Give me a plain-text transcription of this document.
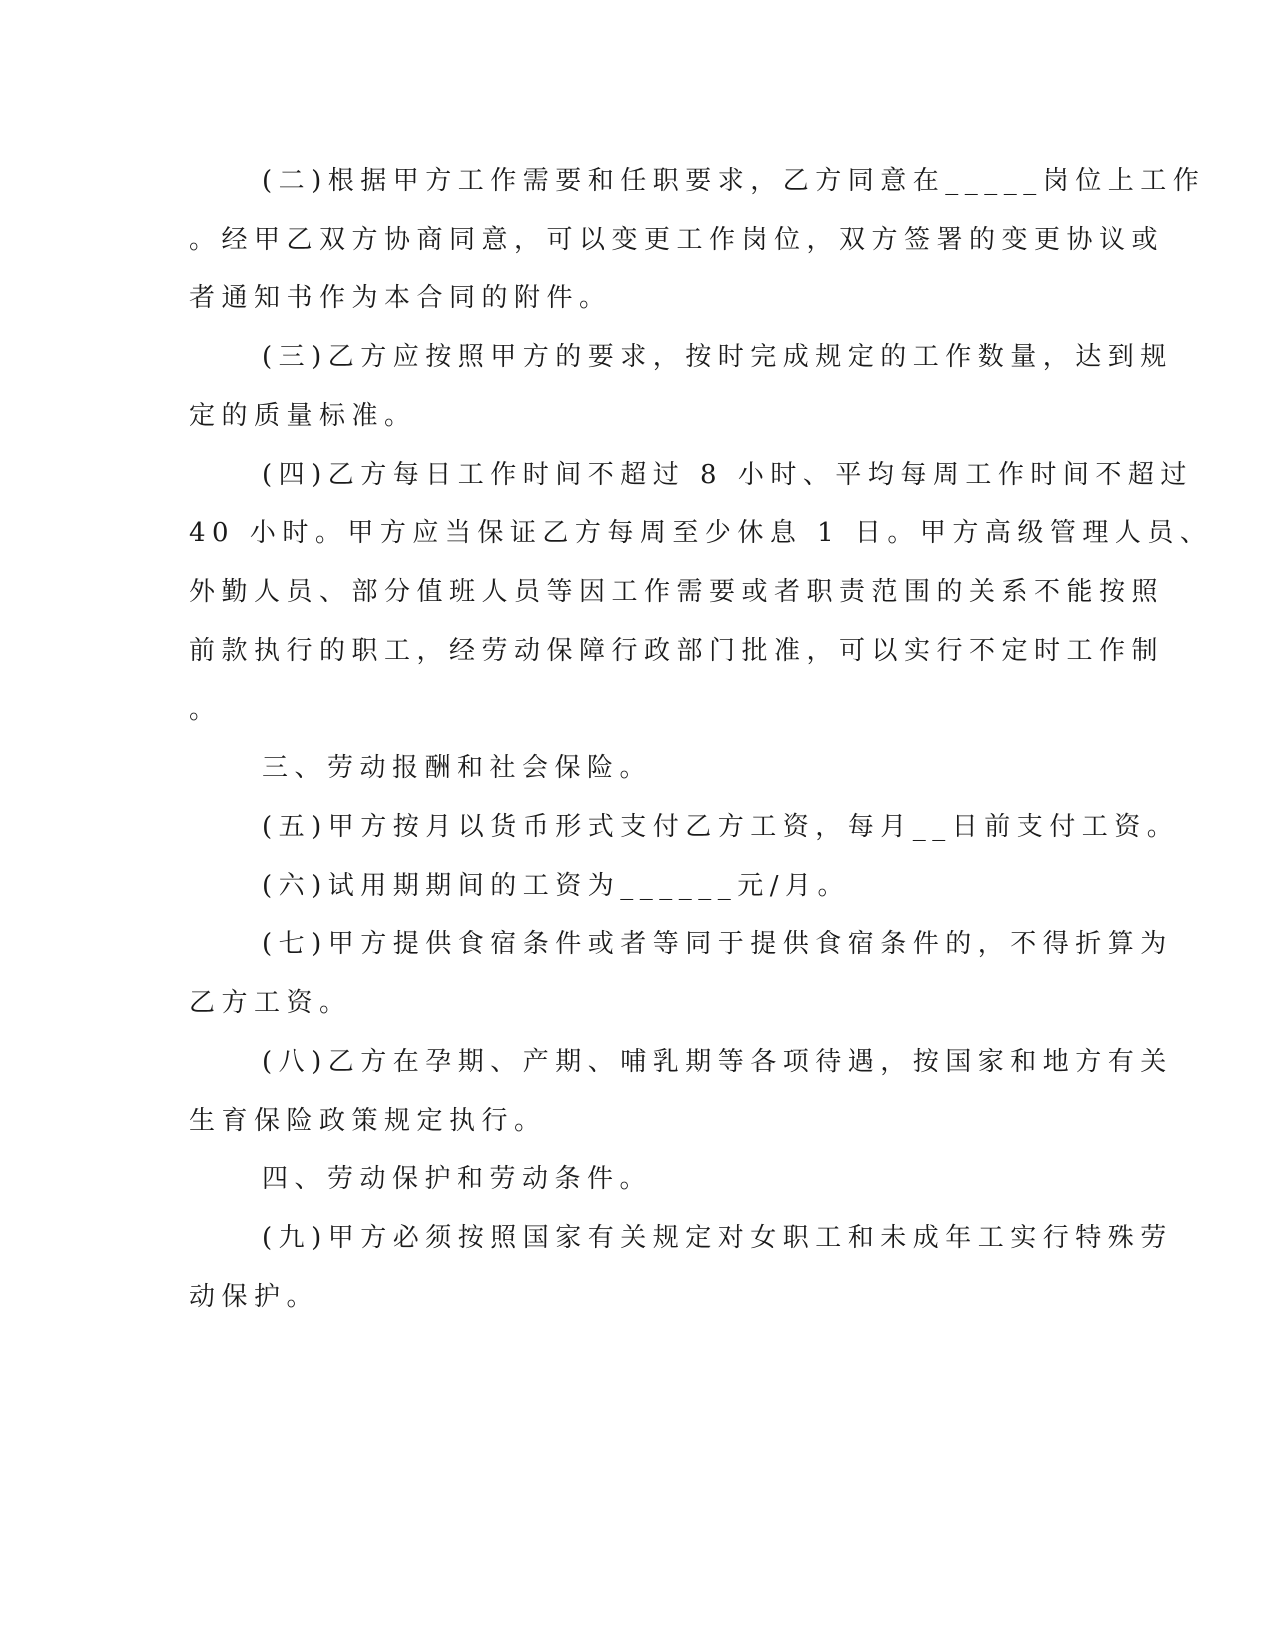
(二)根据甲方工作需要和任职要求，乙方同意在_____岗位上工作
。经甲乙双方协商同意，可以变更工作岗位，双方签署的变更协议或
者通知书作为本合同的附件。
(三)乙方应按照甲方的要求，按时完成规定的工作数量，达到规
定的质量标准。
(四)乙方每日工作时间不超过 8 小时、平均每周工作时间不超过
40 小时。甲方应当保证乙方每周至少休息 1 日。甲方高级管理人员、
外勤人员、部分值班人员等因工作需要或者职责范围的关系不能按照
前款执行的职工，经劳动保障行政部门批准，可以实行不定时工作制
。
三、劳动报酬和社会保险。
(五)甲方按月以货币形式支付乙方工资，每月__日前支付工资。
(六)试用期期间的工资为______元/月。
(七)甲方提供食宿条件或者等同于提供食宿条件的，不得折算为
乙方工资。
(八)乙方在孕期、产期、哺乳期等各项待遇，按国家和地方有关
生育保险政策规定执行。
四、劳动保护和劳动条件。
(九)甲方必须按照国家有关规定对女职工和未成年工实行特殊劳
动保护。
